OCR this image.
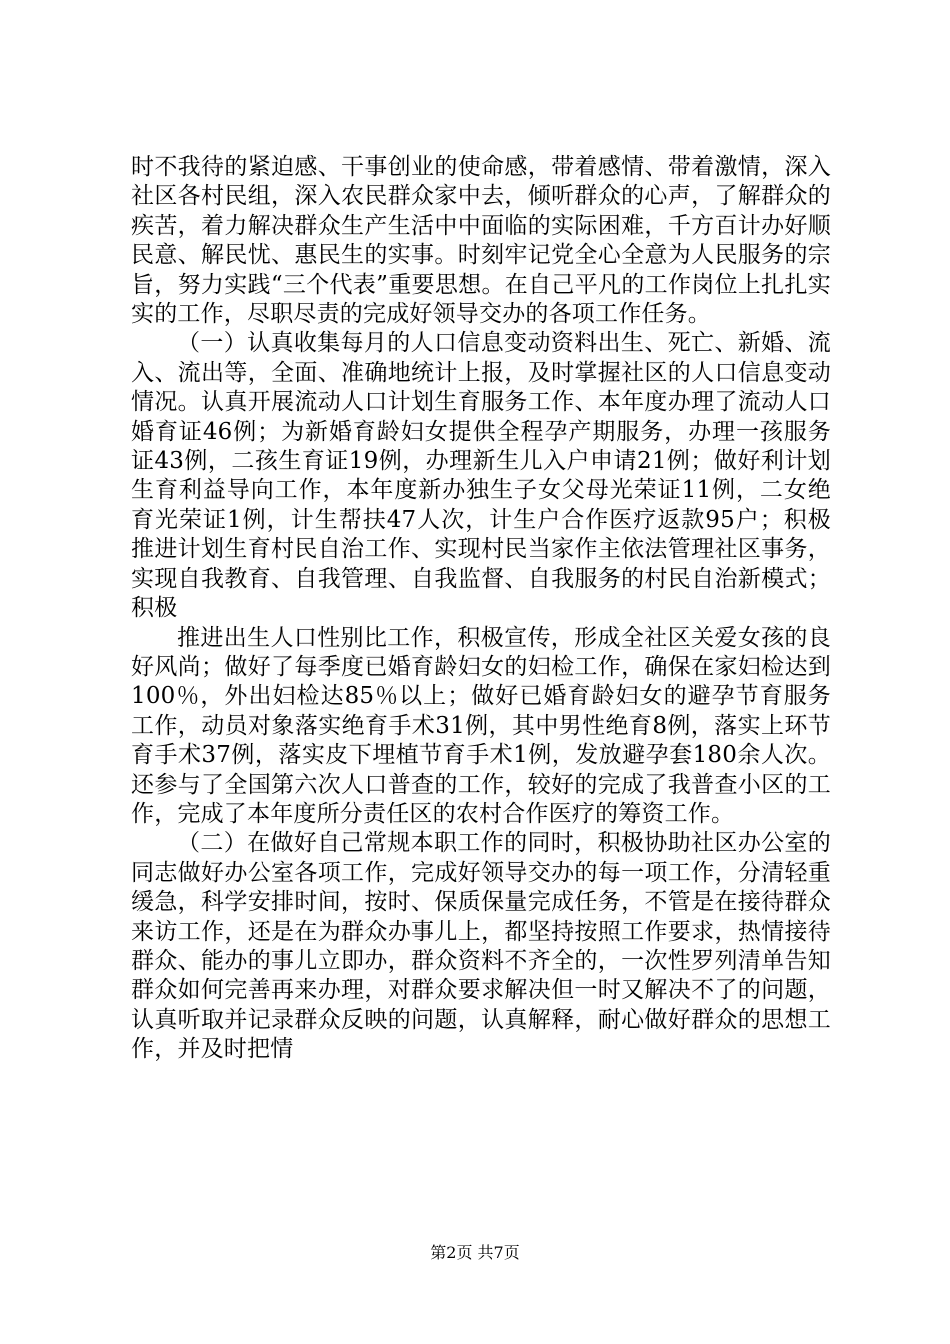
时不我待的紧迫感、干事创业的使命感，带着感情、带着激情，深入社区各村民组，深入农民群众家中去，倾听群众的心声，了解群众的疾苦，着力解决群众生产生活中中面临的实际困难，千方百计办好顺民意、解民忧、惠民生的实事。时刻牢记党全心全意为人民服务的宗旨，努力实践“三个代表”重要思想。在自己平凡的工作岗位上扎扎实实的工作，尽职尽责的完成好领导交办的各项工作任务。

（一）认真收集每月的人口信息变动资料出生、死亡、新婚、流入、流出等，全面、准确地统计上报，及时掌握社区的人口信息变动情况。认真开展流动人口计划生育服务工作、本年度办理了流动人口婚育证46例；为新婚育龄妇女提供全程孕产期服务，办理一孩服务证43例，二孩生育证19例，办理新生儿入户申请21例；做好利计划生育利益导向工作，本年度新办独生子女父母光荣证11例，二女绝育光荣证1例，计生帮扶47人次，计生户合作医疗返款95户；积极推进计划生育村民自治工作、实现村民当家作主依法管理社区事务，实现自我教育、自我管理、自我监督、自我服务的村民自治新模式；积极

推进出生人口性别比工作，积极宣传，形成全社区关爱女孩的良好风尚；做好了每季度已婚育龄妇女的妇检工作，确保在家妇检达到100％，外出妇检达85％以上；做好已婚育龄妇女的避孕节育服务工作，动员对象落实绝育手术31例，其中男性绝育8例，落实上环节育手术37例，落实皮下埋植节育手术1例，发放避孕套180余人次。还参与了全国第六次人口普查的工作，较好的完成了我普查小区的工作，完成了本年度所分责任区的农村合作医疗的筹资工作。

（二）在做好自己常规本职工作的同时，积极协助社区办公室的同志做好办公室各项工作，完成好领导交办的每一项工作，分清轻重缓急，科学安排时间，按时、保质保量完成任务，不管是在接待群众来访工作，还是在为群众办事儿上，都坚持按照工作要求，热情接待群众、能办的事儿立即办，群众资料不齐全的，一次性罗列清单告知群众如何完善再来办理，对群众要求解决但一时又解决不了的问题，认真听取并记录群众反映的问题，认真解释，耐心做好群众的思想工作，并及时把情

第2页 共7页
